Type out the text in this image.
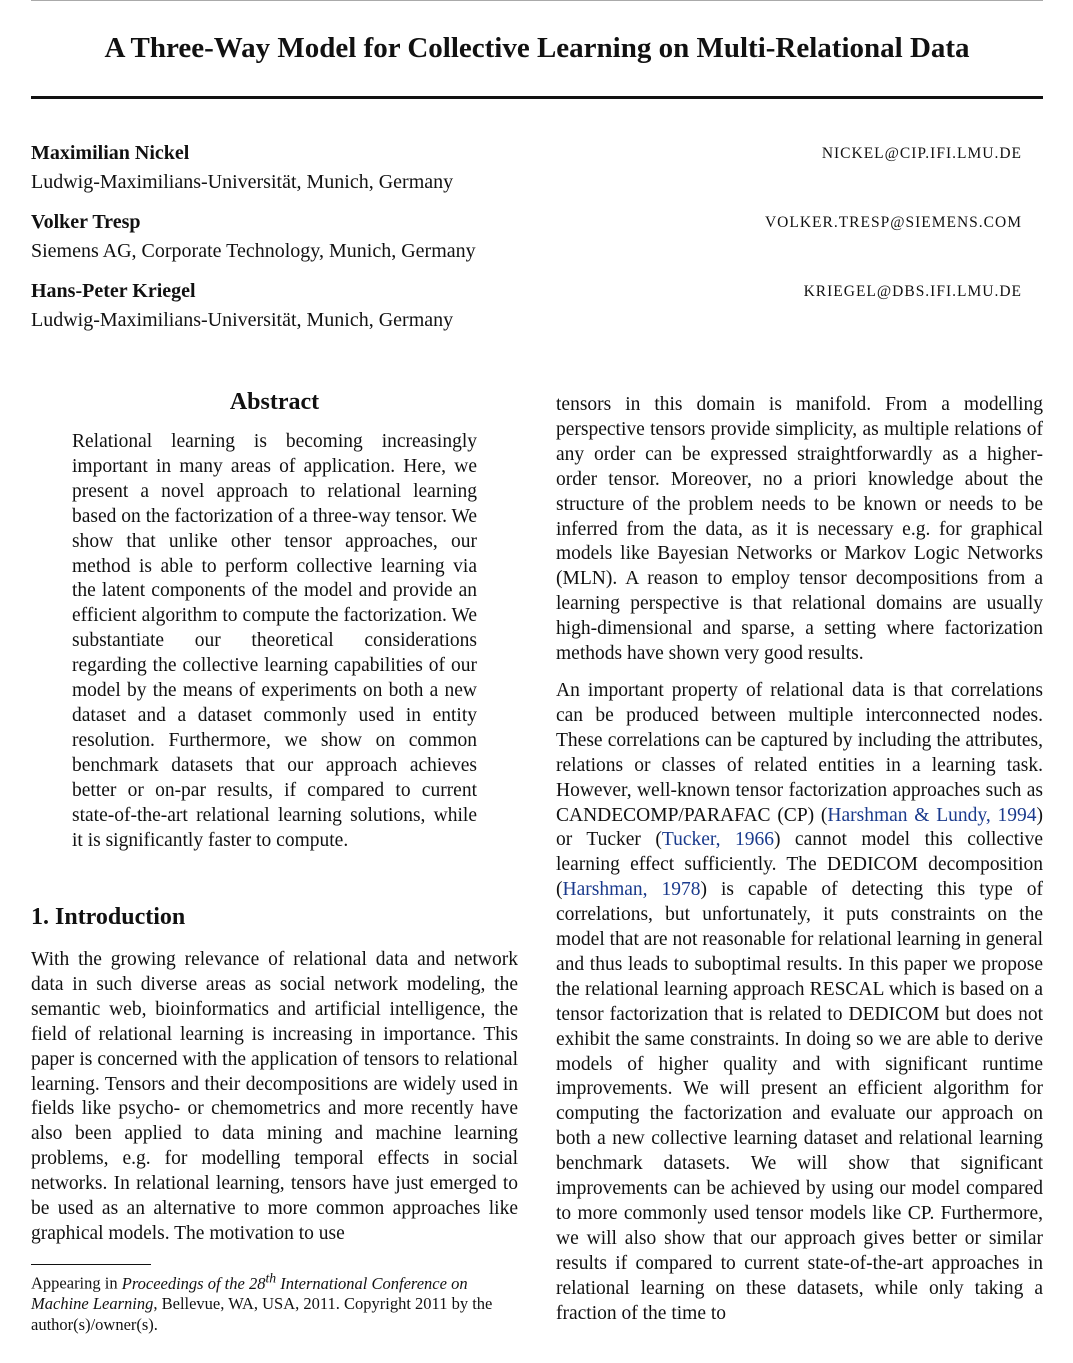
A Three-Way Model for Collective Learning on Multi-Relational Data
Maximilian Nickel
Ludwig-Maximilians-Universität, Munich, Germany
NICKEL@CIP.IFI.LMU.DE
Volker Tresp
Siemens AG, Corporate Technology, Munich, Germany
VOLKER.TRESP@SIEMENS.COM
Hans-Peter Kriegel
Ludwig-Maximilians-Universität, Munich, Germany
KRIEGEL@DBS.IFI.LMU.DE
Abstract

Relational learning is becoming increasingly important in many areas of application. Here, we present a novel approach to relational learning based on the factorization of a three-way tensor. We show that unlike other tensor approaches, our method is able to perform collective learning via the latent components of the model and provide an efficient algorithm to compute the factorization. We substantiate our theoretical considerations regarding the collective learning capabilities of our model by the means of experiments on both a new dataset and a dataset commonly used in entity resolution. Furthermore, we show on common benchmark datasets that our approach achieves better or on-par results, if compared to current state-of-the-art relational learning solutions, while it is significantly faster to compute.

1. Introduction

With the growing relevance of relational data and network data in such diverse areas as social network modeling, the semantic web, bioinformatics and artificial intelligence, the field of relational learning is increasing in importance. This paper is concerned with the application of tensors to relational learning. Tensors and their decompositions are widely used in fields like psycho- or chemometrics and more recently have also been applied to data mining and machine learning problems, e.g. for modelling temporal effects in social networks. In relational learning, tensors have just emerged to be used as an alternative to more common approaches like graphical models. The motivation to use

Appearing in Proceedings of the 28th International Conference on Machine Learning, Bellevue, WA, USA, 2011. Copyright 2011 by the author(s)/owner(s).

tensors in this domain is manifold. From a modelling perspective tensors provide simplicity, as multiple relations of any order can be expressed straightforwardly as a higher-order tensor. Moreover, no a priori knowledge about the structure of the problem needs to be known or needs to be inferred from the data, as it is necessary e.g. for graphical models like Bayesian Networks or Markov Logic Networks (MLN). A reason to employ tensor decompositions from a learning perspective is that relational domains are usually high-dimensional and sparse, a setting where factorization methods have shown very good results.

An important property of relational data is that correlations can be produced between multiple interconnected nodes. These correlations can be captured by including the attributes, relations or classes of related entities in a learning task. However, well-known tensor factorization approaches such as CANDECOMP/PARAFAC (CP) (Harshman & Lundy, 1994) or Tucker (Tucker, 1966) cannot model this collective learning effect sufficiently. The DEDICOM decomposition (Harshman, 1978) is capable of detecting this type of correlations, but unfortunately, it puts constraints on the model that are not reasonable for relational learning in general and thus leads to suboptimal results. In this paper we propose the relational learning approach RESCAL which is based on a tensor factorization that is related to DEDICOM but does not exhibit the same constraints. In doing so we are able to derive models of higher quality and with significant runtime improvements. We will present an efficient algorithm for computing the factorization and evaluate our approach on both a new collective learning dataset and relational learning benchmark datasets. We will show that significant improvements can be achieved by using our model compared to more commonly used tensor models like CP. Furthermore, we will also show that our approach gives better or similar results if compared to current state-of-the-art approaches in relational learning on these datasets, while only taking a fraction of the time to
